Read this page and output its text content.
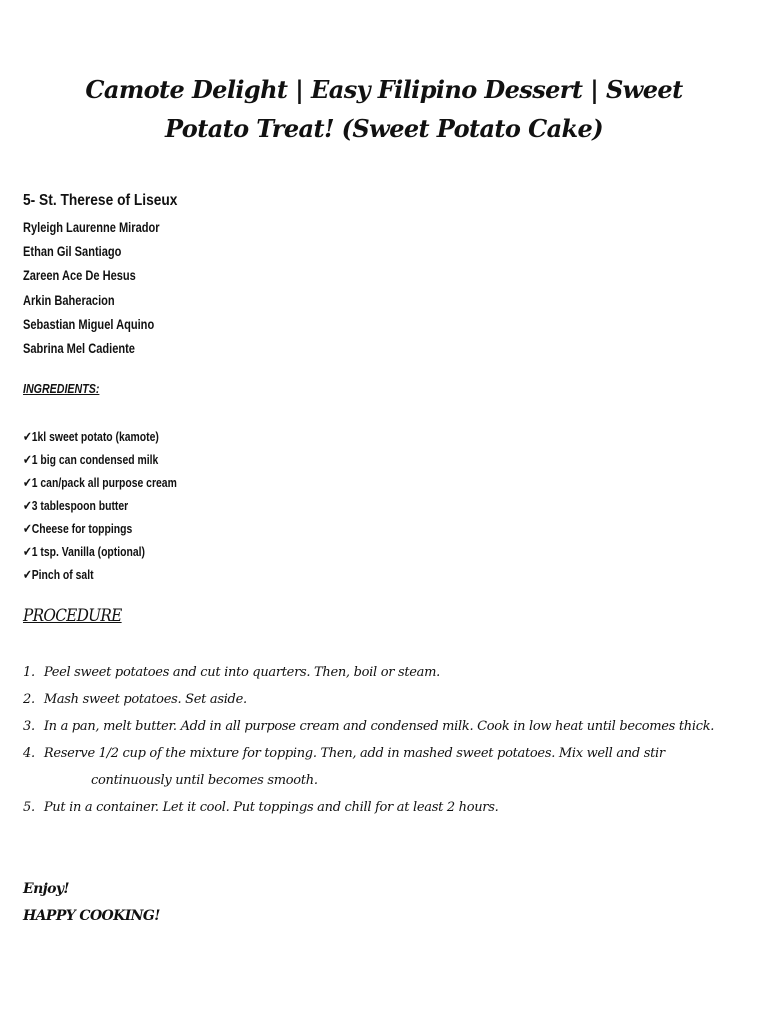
Camote Delight | Easy Filipino Dessert | Sweet Potato Treat! (Sweet Potato Cake)
5- St. Therese of Liseux
Ryleigh Laurenne Mirador
Ethan Gil Santiago
Zareen Ace De Hesus
Arkin Baheracion
Sebastian Miguel Aquino
Sabrina Mel Cadiente
INGREDIENTS:
✔1kl sweet potato (kamote)
✔1 big can condensed milk
✔1 can/pack all purpose cream
✔3 tablespoon butter
✔Cheese for toppings
✔1 tsp. Vanilla (optional)
✔Pinch of salt
PROCEDURE
1. Peel sweet potatoes and cut into quarters. Then, boil or steam.
2. Mash sweet potatoes. Set aside.
3. In a pan, melt butter. Add in all purpose cream and condensed milk. Cook in low heat until becomes thick.
4. Reserve 1/2 cup of the mixture for topping. Then, add in mashed sweet potatoes. Mix well and stir continuously until becomes smooth.
5. Put in a container. Let it cool. Put toppings and chill for at least 2 hours.
Enjoy!
HAPPY COOKING!
